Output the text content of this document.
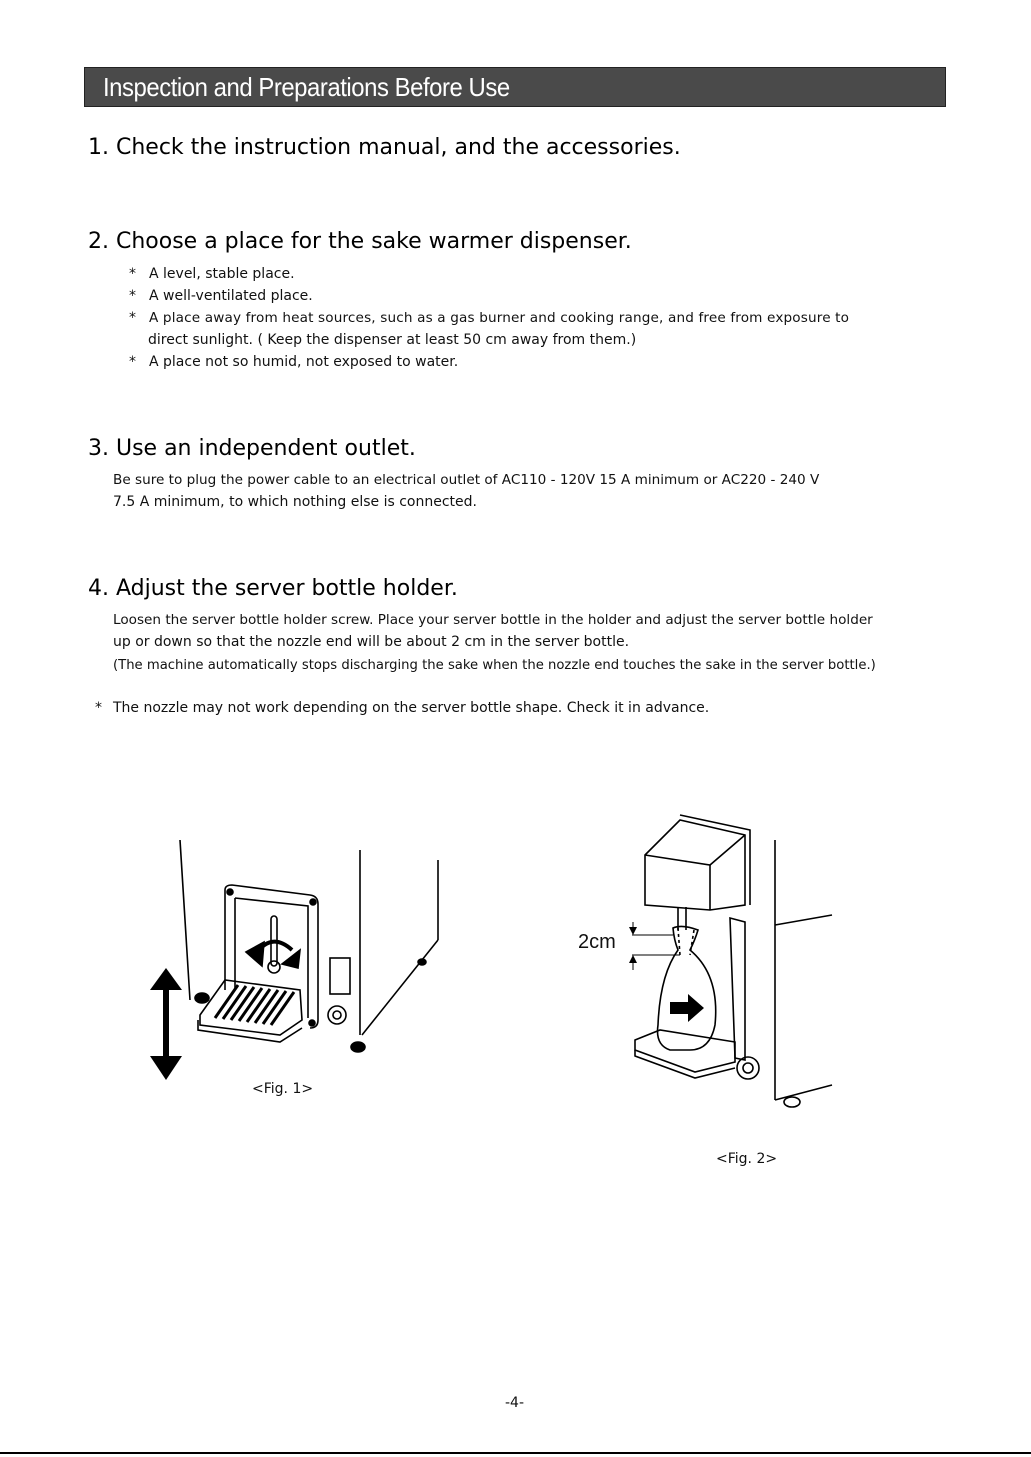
Inspection and Preparations Before Use
1. Check the instruction manual, and the accessories.
2. Choose a place for the sake warmer dispenser.
* A level, stable place.
* A well-ventilated place.
* A place away from heat sources, such as a gas burner and cooking range, and free from exposure to
direct sunlight. ( Keep the dispenser at least 50 cm away from them.)
* A place not so humid, not exposed to water.
3. Use an independent outlet.
Be sure to plug the power cable to an electrical outlet of AC110 - 120V 15 A minimum or AC220 - 240 V
7.5 A minimum, to which nothing else is connected.
4. Adjust the server bottle holder.
Loosen the server bottle holder screw. Place your server bottle in the holder and adjust the server bottle holder
up or down so that the nozzle end will be about 2 cm in the server bottle.
(The machine automatically stops discharging the sake when the nozzle end touches the sake in the server bottle.)
* The nozzle may not work depending on the server bottle shape. Check it in advance.
<Fig. 1>
2cm
<Fig. 2>
-4-
